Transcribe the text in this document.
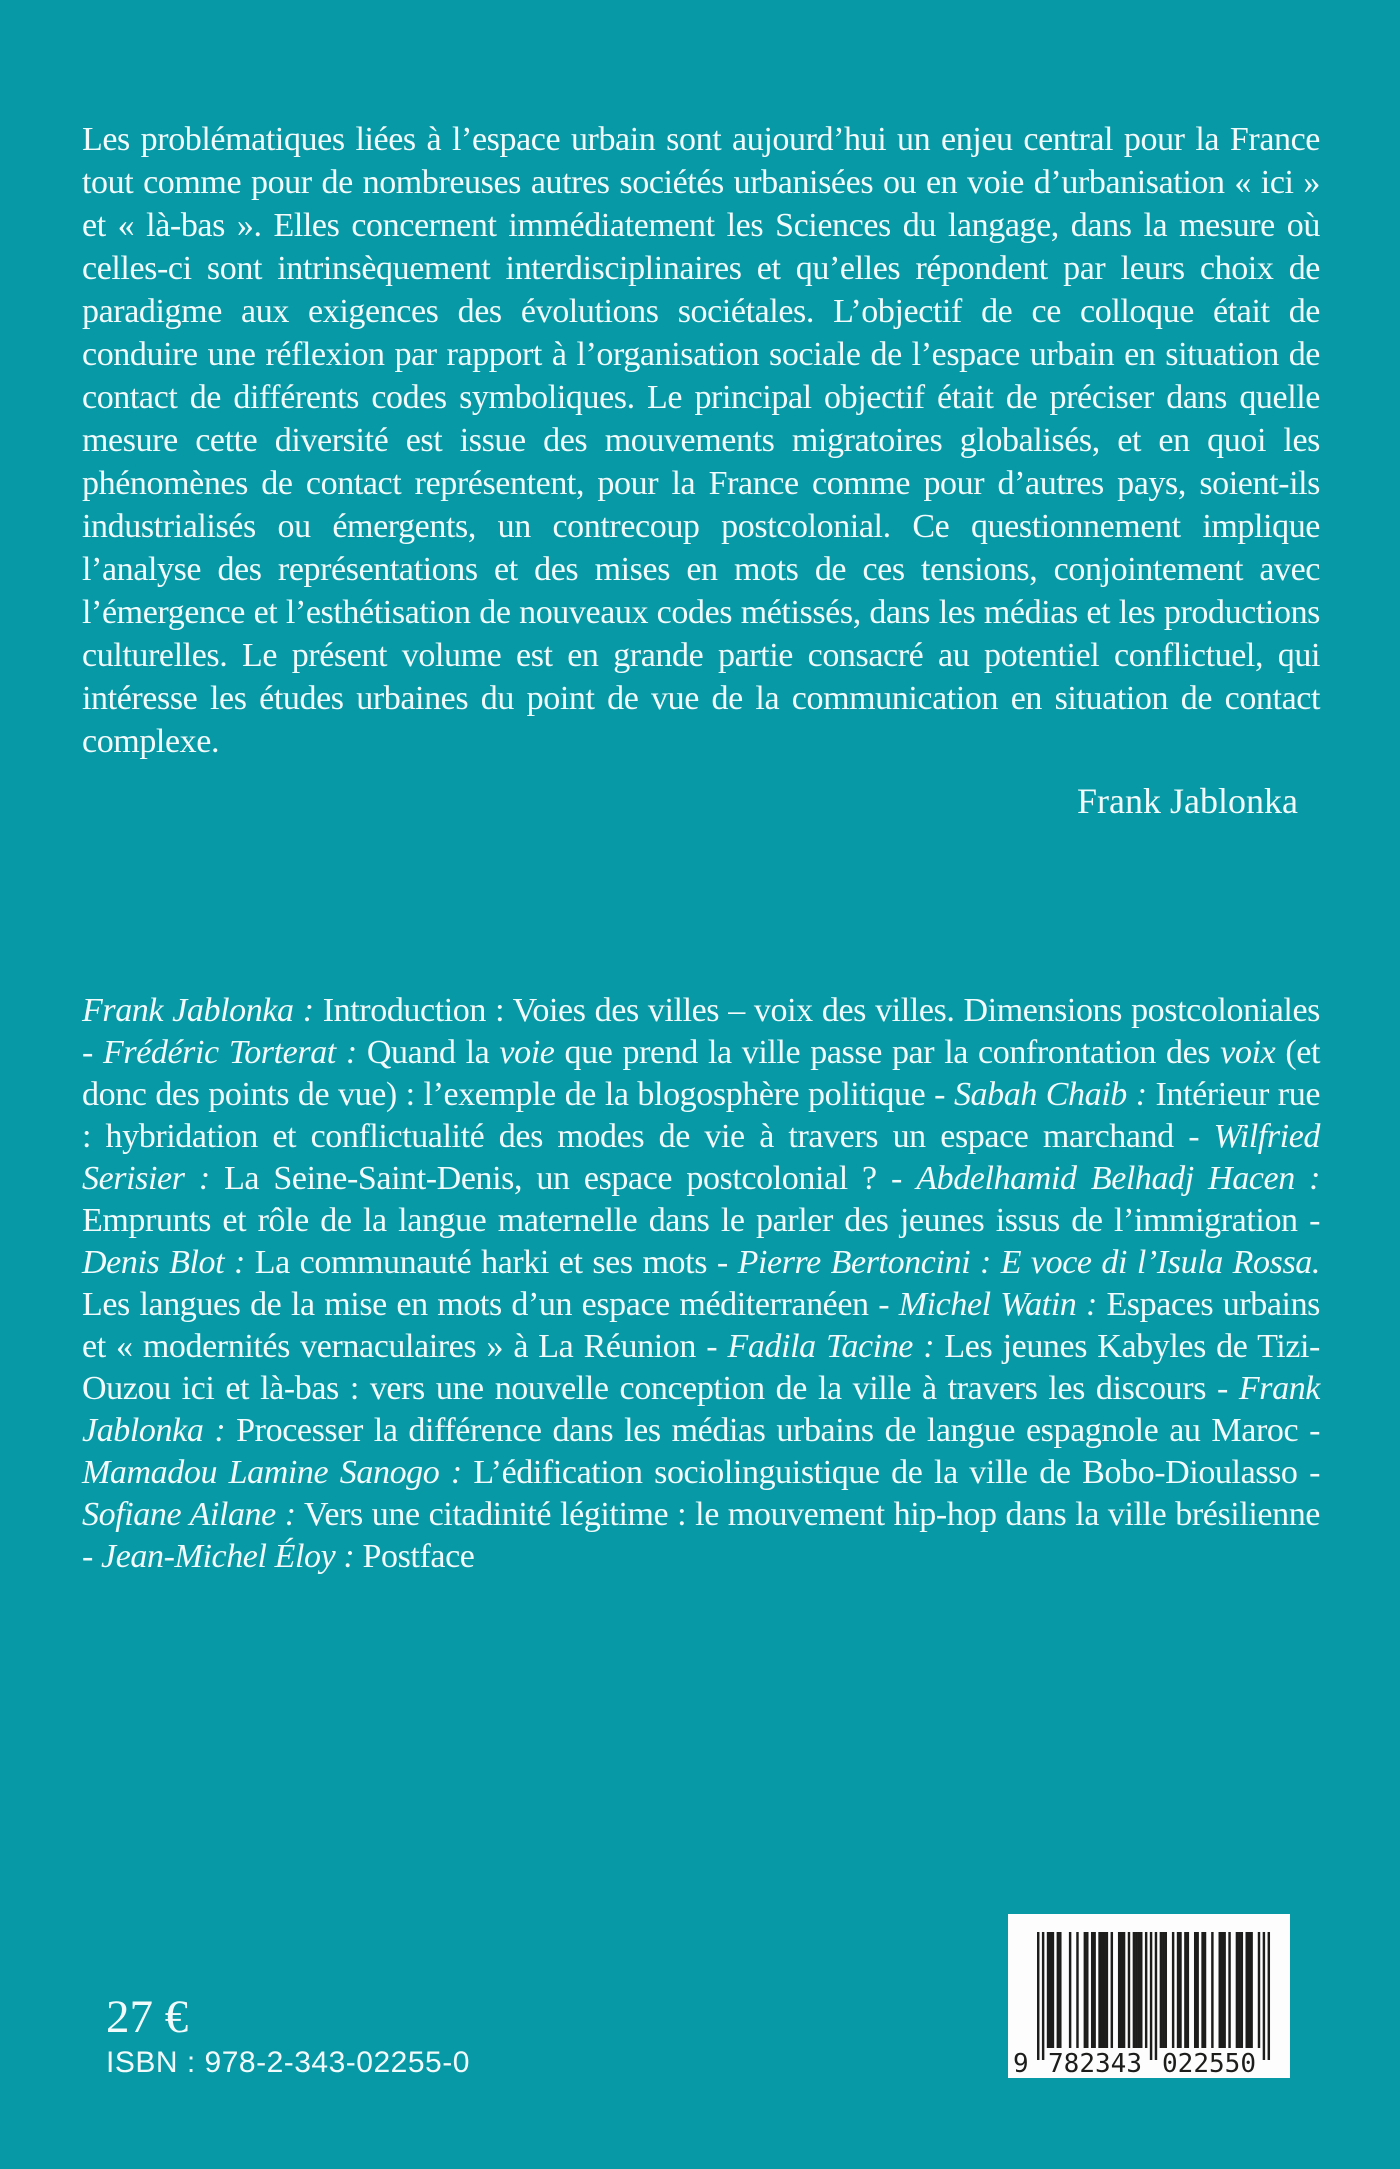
Les problématiques liées à l’espace urbain sont aujourd’hui un enjeu central pour la France tout comme pour de nombreuses autres sociétés urbanisées ou en voie d’urbanisation « ici » et « là-bas ». Elles concernent immédiatement les Sciences du langage, dans la mesure où celles-ci sont intrinsèquement interdisciplinaires et qu’elles répondent par leurs choix de paradigme aux exigences des évolutions sociétales. L’objectif de ce colloque était de conduire une réflexion par rapport à l’organisation sociale de l’espace urbain en situation de contact de différents codes symboliques. Le principal objectif était de préciser dans quelle mesure cette diversité est issue des mouvements migratoires globalisés, et en quoi les phénomènes de contact représentent, pour la France comme pour d’autres pays, soient-ils industrialisés ou émergents, un contrecoup postcolonial. Ce questionnement implique l’analyse des représentations et des mises en mots de ces tensions, conjointement avec l’émergence et l’esthétisation de nouveaux codes métissés, dans les médias et les productions culturelles. Le présent volume est en grande partie consacré au potentiel conflictuel, qui intéresse les études urbaines du point de vue de la communication en situation de contact complexe.

Frank Jablonka
Frank Jablonka : Introduction : Voies des villes – voix des villes. Dimensions postcoloniales - Frédéric Torterat : Quand la voie que prend la ville passe par la confrontation des voix (et donc des points de vue) : l’exemple de la blogosphère politique - Sabah Chaib : Intérieur rue : hybridation et conflictualité des modes de vie à travers un espace marchand - Wilfried Serisier : La Seine-Saint-Denis, un espace postcolonial ? - Abdelhamid Belhadj Hacen : Emprunts et rôle de la langue maternelle dans le parler des jeunes issus de l’immigration - Denis Blot : La communauté harki et ses mots - Pierre Bertoncini : E voce di l’Isula Rossa. Les langues de la mise en mots d’un espace méditerranéen - Michel Watin : Espaces urbains et « modernités vernaculaires » à La Réunion - Fadila Tacine : Les jeunes Kabyles de Tizi-Ouzou ici et là-bas : vers une nouvelle conception de la ville à travers les discours - Frank Jablonka : Processer la différence dans les médias urbains de langue espagnole au Maroc - Mamadou Lamine Sanogo : L’édification sociolinguistique de la ville de Bobo-Dioulasso - Sofiane Ailane : Vers une citadinité légitime : le mouvement hip-hop dans la ville brésilienne - Jean-Michel Éloy : Postface
27 €
ISBN : 978-2-343-02255-0	9 782343 022550
